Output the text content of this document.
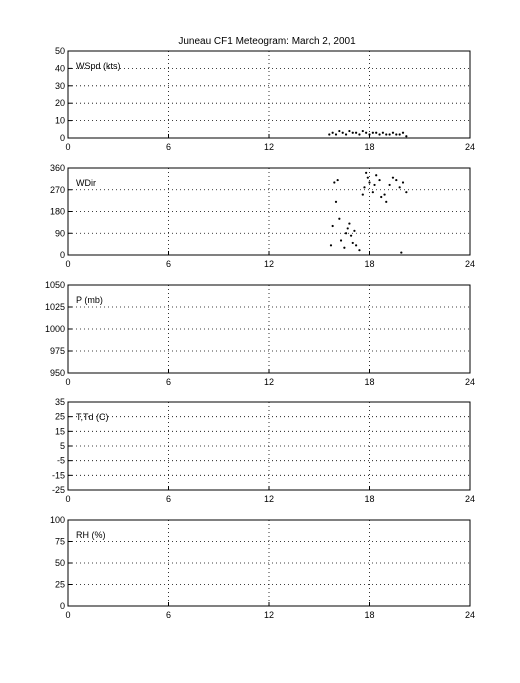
Juneau CF1 Meteogram: March 2, 2001
0	6	12	18	24
0
10
20
30
40
50
WSpd (kts)
0	6	12	18	24
0
90
180
270
360
WDir
0	6	12	18	24
950
975
1000
1025
1050
P (mb)
0	6	12	18	24
-25
-15
-5
5
15
25
35
T,Td (C)
0	6	12	18	24
0
25
50
75
100
RH (%)
